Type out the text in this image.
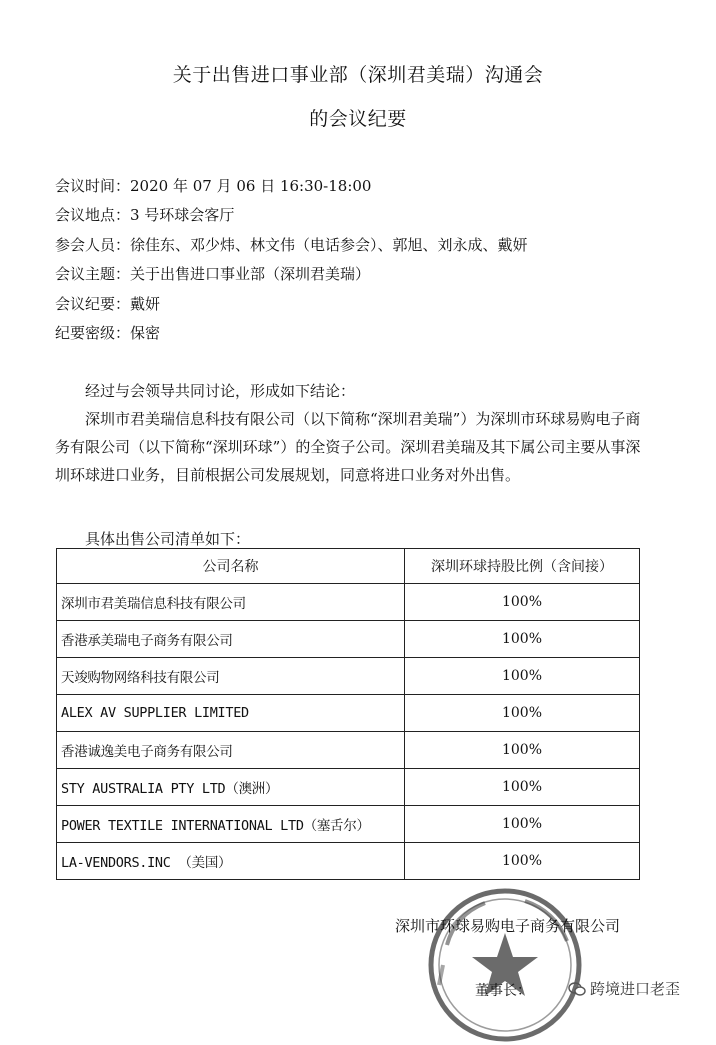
关于出售进口事业部（深圳君美瑞）沟通会
的会议纪要
会议时间：2020 年 07 月 06 日 16:30-18:00
会议地点：3 号环球会客厅
参会人员：徐佳东、邓少炜、林文伟（电话参会）、郭旭、刘永成、戴妍
会议主题：关于出售进口事业部（深圳君美瑞）
会议纪要：戴妍
纪要密级：保密
经过与会领导共同讨论，形成如下结论：
深圳市君美瑞信息科技有限公司（以下简称“深圳君美瑞”）为深圳市环球易购电子商务有限公司（以下简称“深圳环球”）的全资子公司。深圳君美瑞及其下属公司主要从事深圳环球进口业务，目前根据公司发展规划，同意将进口业务对外出售。
具体出售公司清单如下：
公司名称	深圳环球持股比例（含间接）
深圳市君美瑞信息科技有限公司	100%
香港承美瑞电子商务有限公司	100%
天竣购物网络科技有限公司	100%
ALEX AV SUPPLIER LIMITED	100%
香港诚逸美电子商务有限公司	100%
STY AUSTRALIA PTY LTD（澳洲）	100%
POWER TEXTILE INTERNATIONAL LTD（塞舌尔）	100%
LA-VENDORS.INC （美国）	100%
深圳市环球易购电子商务有限公司
董事长：	跨境进口老歪
